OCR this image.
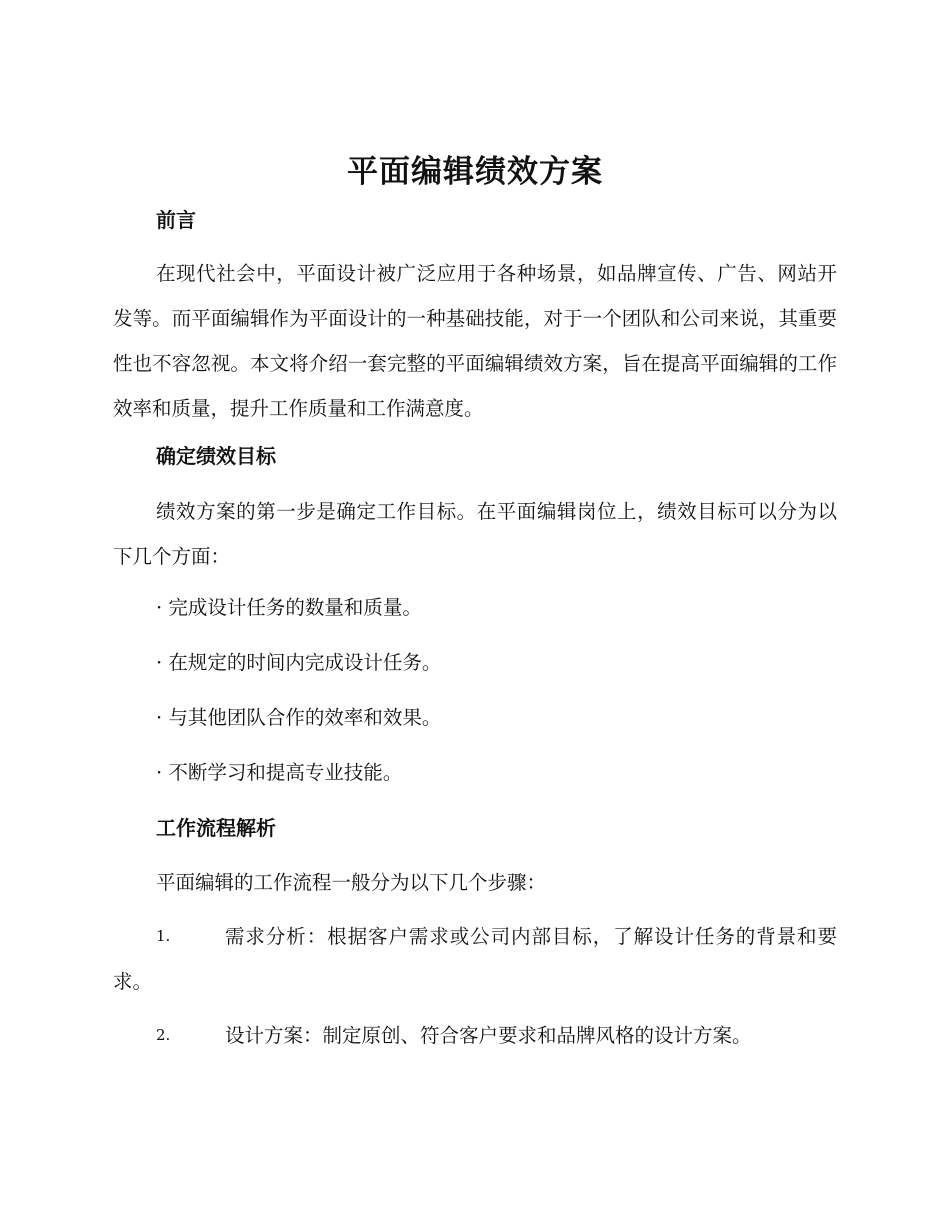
平面编辑绩效方案
前言

在现代社会中，平面设计被广泛应用于各种场景，如品牌宣传、广告、网站开发等。而平面编辑作为平面设计的一种基础技能，对于一个团队和公司来说，其重要性也不容忽视。本文将介绍一套完整的平面编辑绩效方案，旨在提高平面编辑的工作效率和质量，提升工作质量和工作满意度。

确定绩效目标

绩效方案的第一步是确定工作目标。在平面编辑岗位上，绩效目标可以分为以下几个方面：

· 完成设计任务的数量和质量。
· 在规定的时间内完成设计任务。
· 与其他团队合作的效率和效果。
· 不断学习和提高专业技能。
工作流程解析
平面编辑的工作流程一般分为以下几个步骤：
1.	需求分析：根据客户需求或公司内部目标，了解设计任务的背景和要求。
2.	设计方案：制定原创、符合客户要求和品牌风格的设计方案。
